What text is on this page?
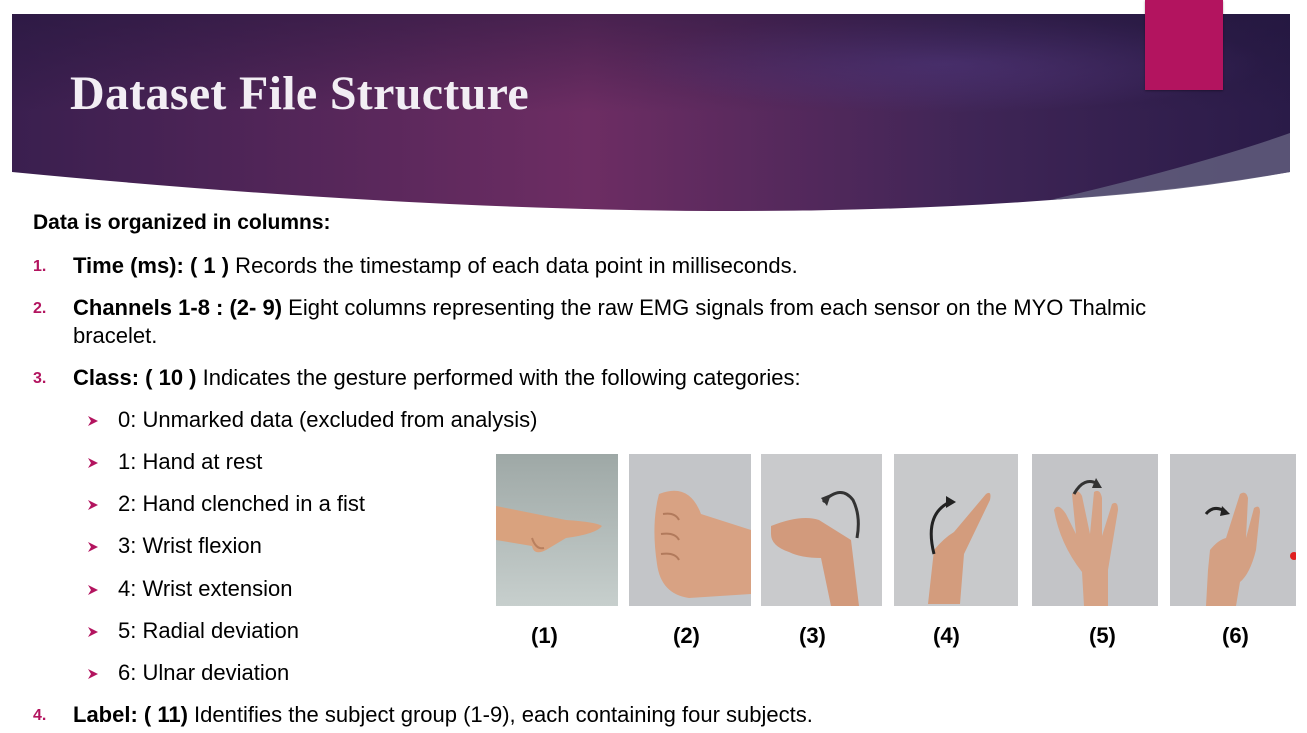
Dataset File Structure
Data is organized in columns:
1. Time (ms): ( 1 ) Records the timestamp of each data point in milliseconds.
2. Channels 1-8 : (2- 9) Eight columns representing the raw EMG signals from each sensor on the MYO Thalmic
bracelet.
3. Class: ( 10 ) Indicates the gesture performed with the following categories:
0: Unmarked data (excluded from analysis)
1: Hand at rest
2: Hand clenched in a fist
3: Wrist flexion
4: Wrist extension
5: Radial deviation
6: Ulnar deviation
4. Label: ( 11) Identifies the subject group (1-9), each containing four subjects.
(1)	(2)	(3)	(4)	(5)	(6)
